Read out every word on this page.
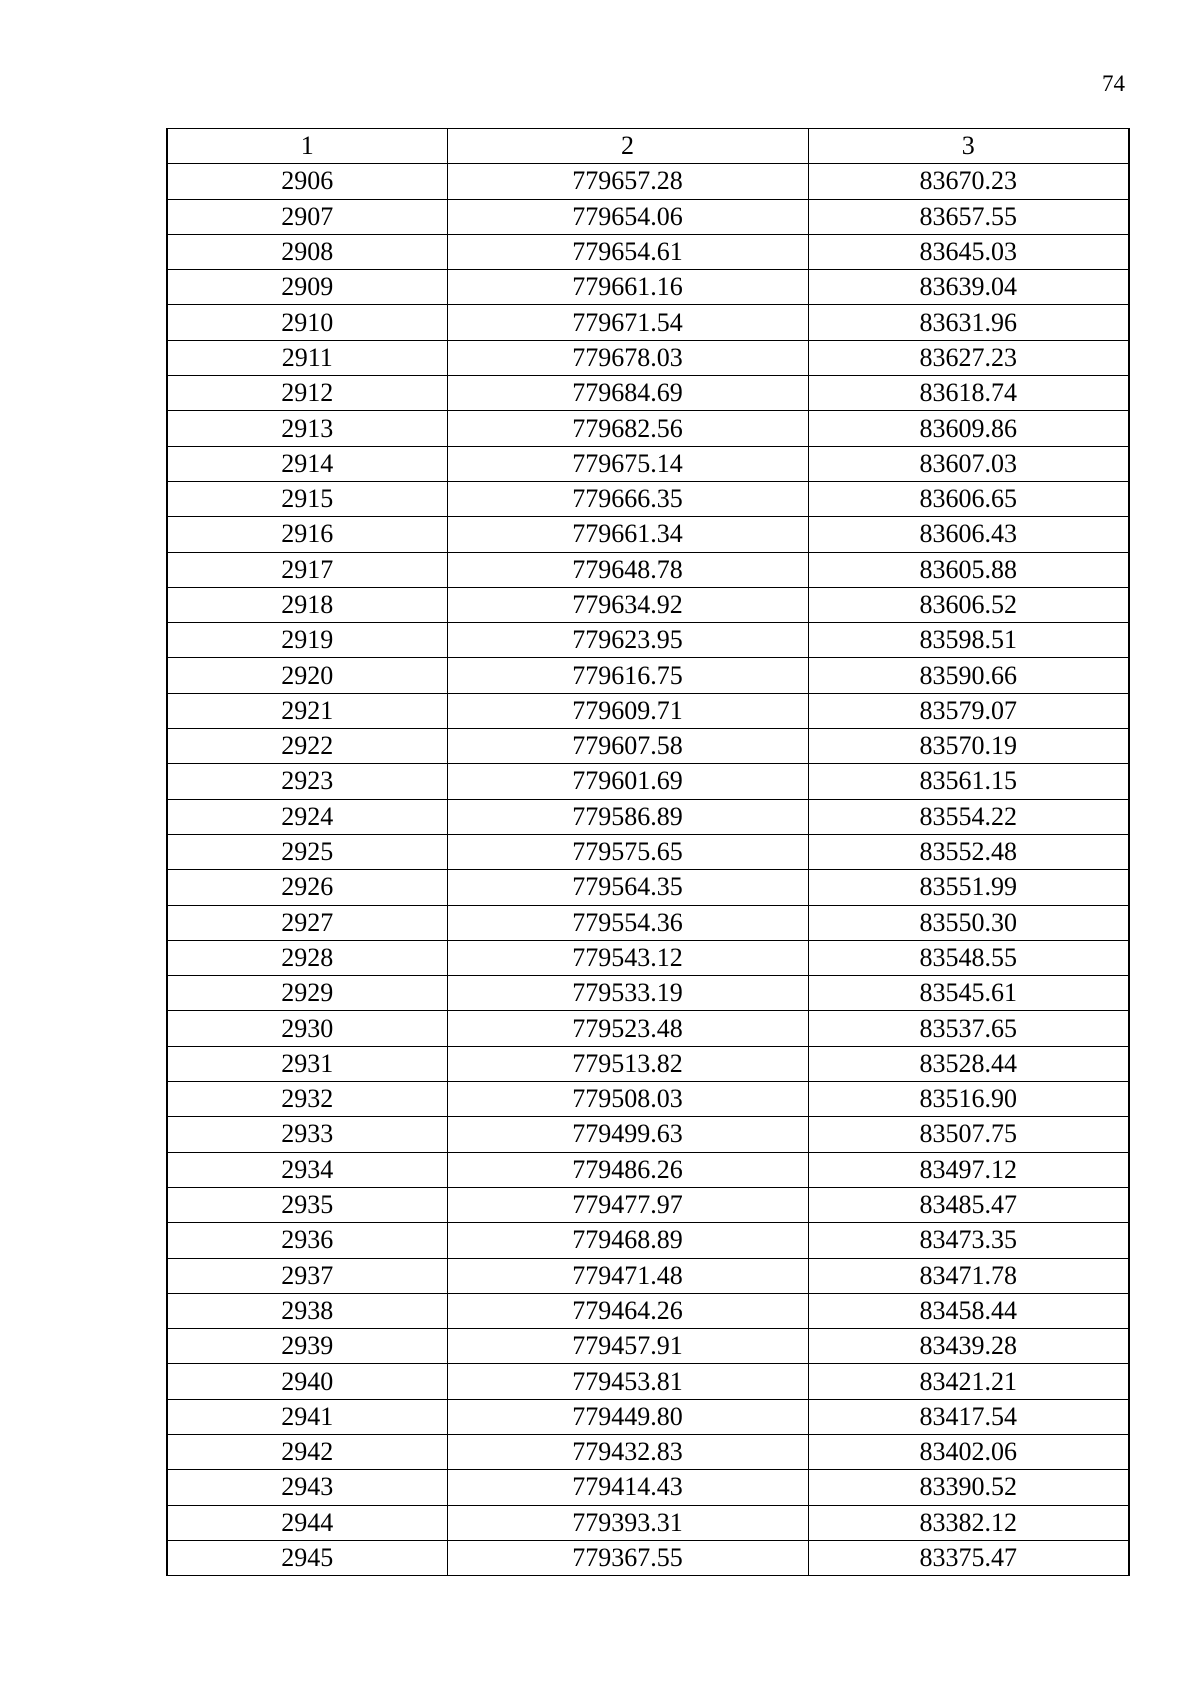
74
1	2	3
2906	779657.28	83670.23
2907	779654.06	83657.55
2908	779654.61	83645.03
2909	779661.16	83639.04
2910	779671.54	83631.96
2911	779678.03	83627.23
2912	779684.69	83618.74
2913	779682.56	83609.86
2914	779675.14	83607.03
2915	779666.35	83606.65
2916	779661.34	83606.43
2917	779648.78	83605.88
2918	779634.92	83606.52
2919	779623.95	83598.51
2920	779616.75	83590.66
2921	779609.71	83579.07
2922	779607.58	83570.19
2923	779601.69	83561.15
2924	779586.89	83554.22
2925	779575.65	83552.48
2926	779564.35	83551.99
2927	779554.36	83550.30
2928	779543.12	83548.55
2929	779533.19	83545.61
2930	779523.48	83537.65
2931	779513.82	83528.44
2932	779508.03	83516.90
2933	779499.63	83507.75
2934	779486.26	83497.12
2935	779477.97	83485.47
2936	779468.89	83473.35
2937	779471.48	83471.78
2938	779464.26	83458.44
2939	779457.91	83439.28
2940	779453.81	83421.21
2941	779449.80	83417.54
2942	779432.83	83402.06
2943	779414.43	83390.52
2944	779393.31	83382.12
2945	779367.55	83375.47
